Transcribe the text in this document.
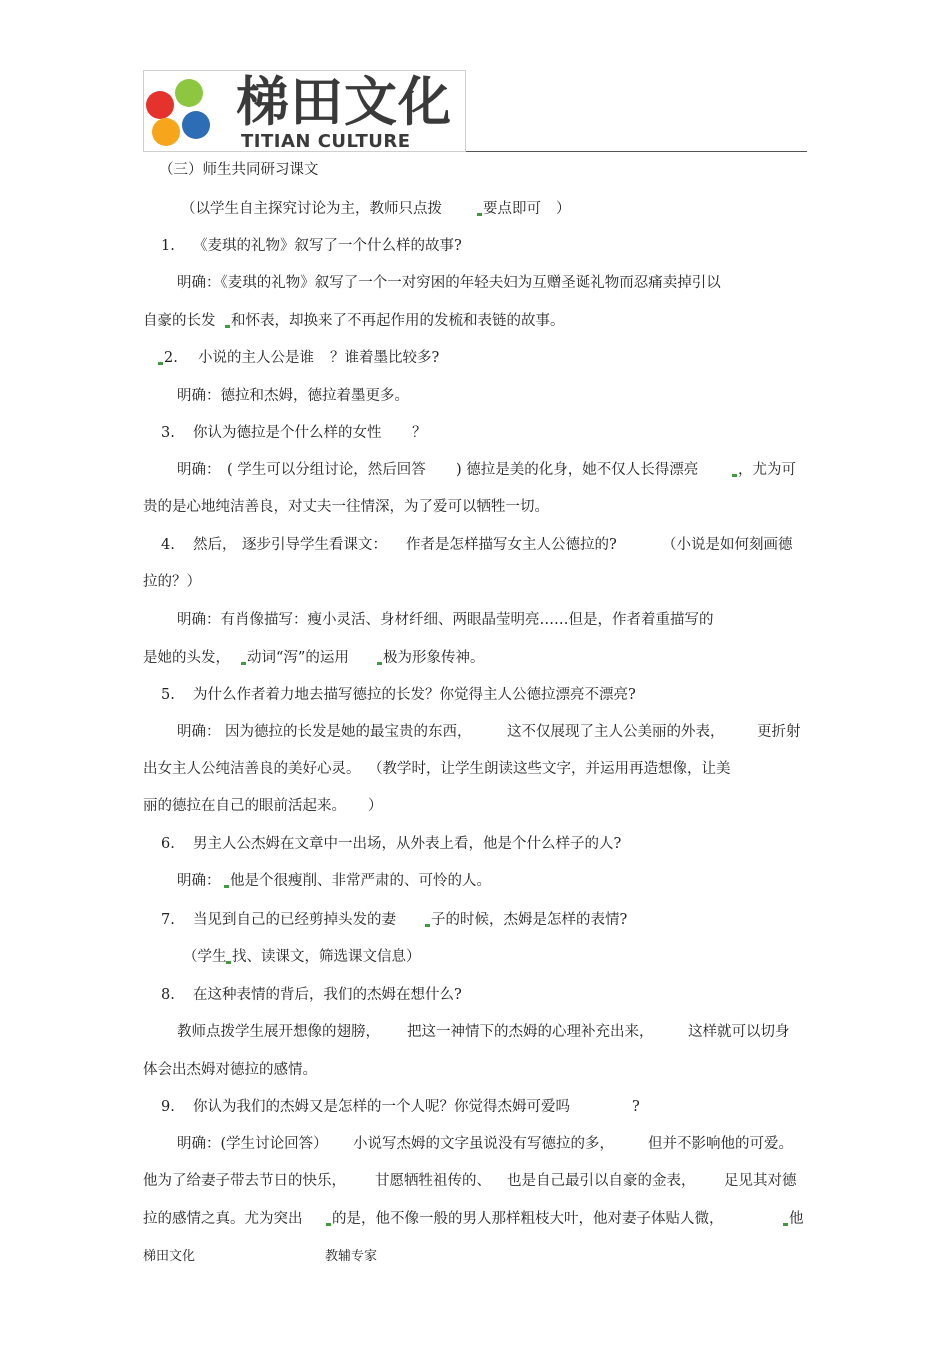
梯田文化
TITIAN CULTURE
（三）师生共同研习课文
（以学生自主探究讨论为主，教师只点拨	要点即可 ）
1. 《麦琪的礼物》叙写了一个什么样的故事?
明确：《麦琪的礼物》叙写了一个一对穷困的年轻夫妇为互赠圣诞礼物而忍痛卖掉引以
自豪的长发	和怀表，却换来了不再起作用的发梳和表链的故事。
2. 小说的主人公是谁 ？谁着墨比较多?
明确：德拉和杰姆，德拉着墨更多。
3. 你认为德拉是个什么样的女性 ？
明确： ( 学生可以分组讨论，然后回答 ) 德拉是美的化身，她不仅人长得漂亮	，尤为可
贵的是心地纯洁善良，对丈夫一往情深，为了爱可以牺牲一切。
4. 然后， 逐步引导学生看课文： 作者是怎样描写女主人公德拉的?	（小说是如何刻画德
拉的？）
明确：有肖像描写：瘦小灵活、身材纤细、两眼晶莹明亮……但是，作者着重描写的
是她的头发，	动词“泻”的运用	极为形象传神。
5. 为什么作者着力地去描写德拉的长发？你觉得主人公德拉漂亮不漂亮?
明确： 因为德拉的长发是她的最宝贵的东西， 这不仅展现了主人公美丽的外表， 更折射
出女主人公纯洁善良的美好心灵。 （教学时，让学生朗读这些文字，并运用再造想像，让美
丽的德拉在自己的眼前活起来。 ）
6. 男主人公杰姆在文章中一出场，从外表上看，他是个什么样子的人?
明确： 他是个很瘦削、非常严肃的、可怜的人。
7. 当见到自己的已经剪掉头发的妻	子的时候，杰姆是怎样的表情?
（学生 找、读课文，筛选课文信息）
8. 在这种表情的背后，我们的杰姆在想什么?
教师点拨学生展开想像的翅膀， 把这一神情下的杰姆的心理补充出来， 这样就可以切身
体会出杰姆对德拉的感情。
9. 你认为我们的杰姆又是怎样的一个人呢？你觉得杰姆可爱吗	?
明确：(学生讨论回答） 小说写杰姆的文字虽说没有写德拉的多， 但并不影响他的可爱。
他为了给妻子带去节日的快乐， 甘愿牺牲祖传的、 也是自己最引以自豪的金表， 足见其对德
拉的感情之真。尤为突出	的是，他不像一般的男人那样粗枝大叶，他对妻子体贴人微，	他
梯田文化	教辅专家
